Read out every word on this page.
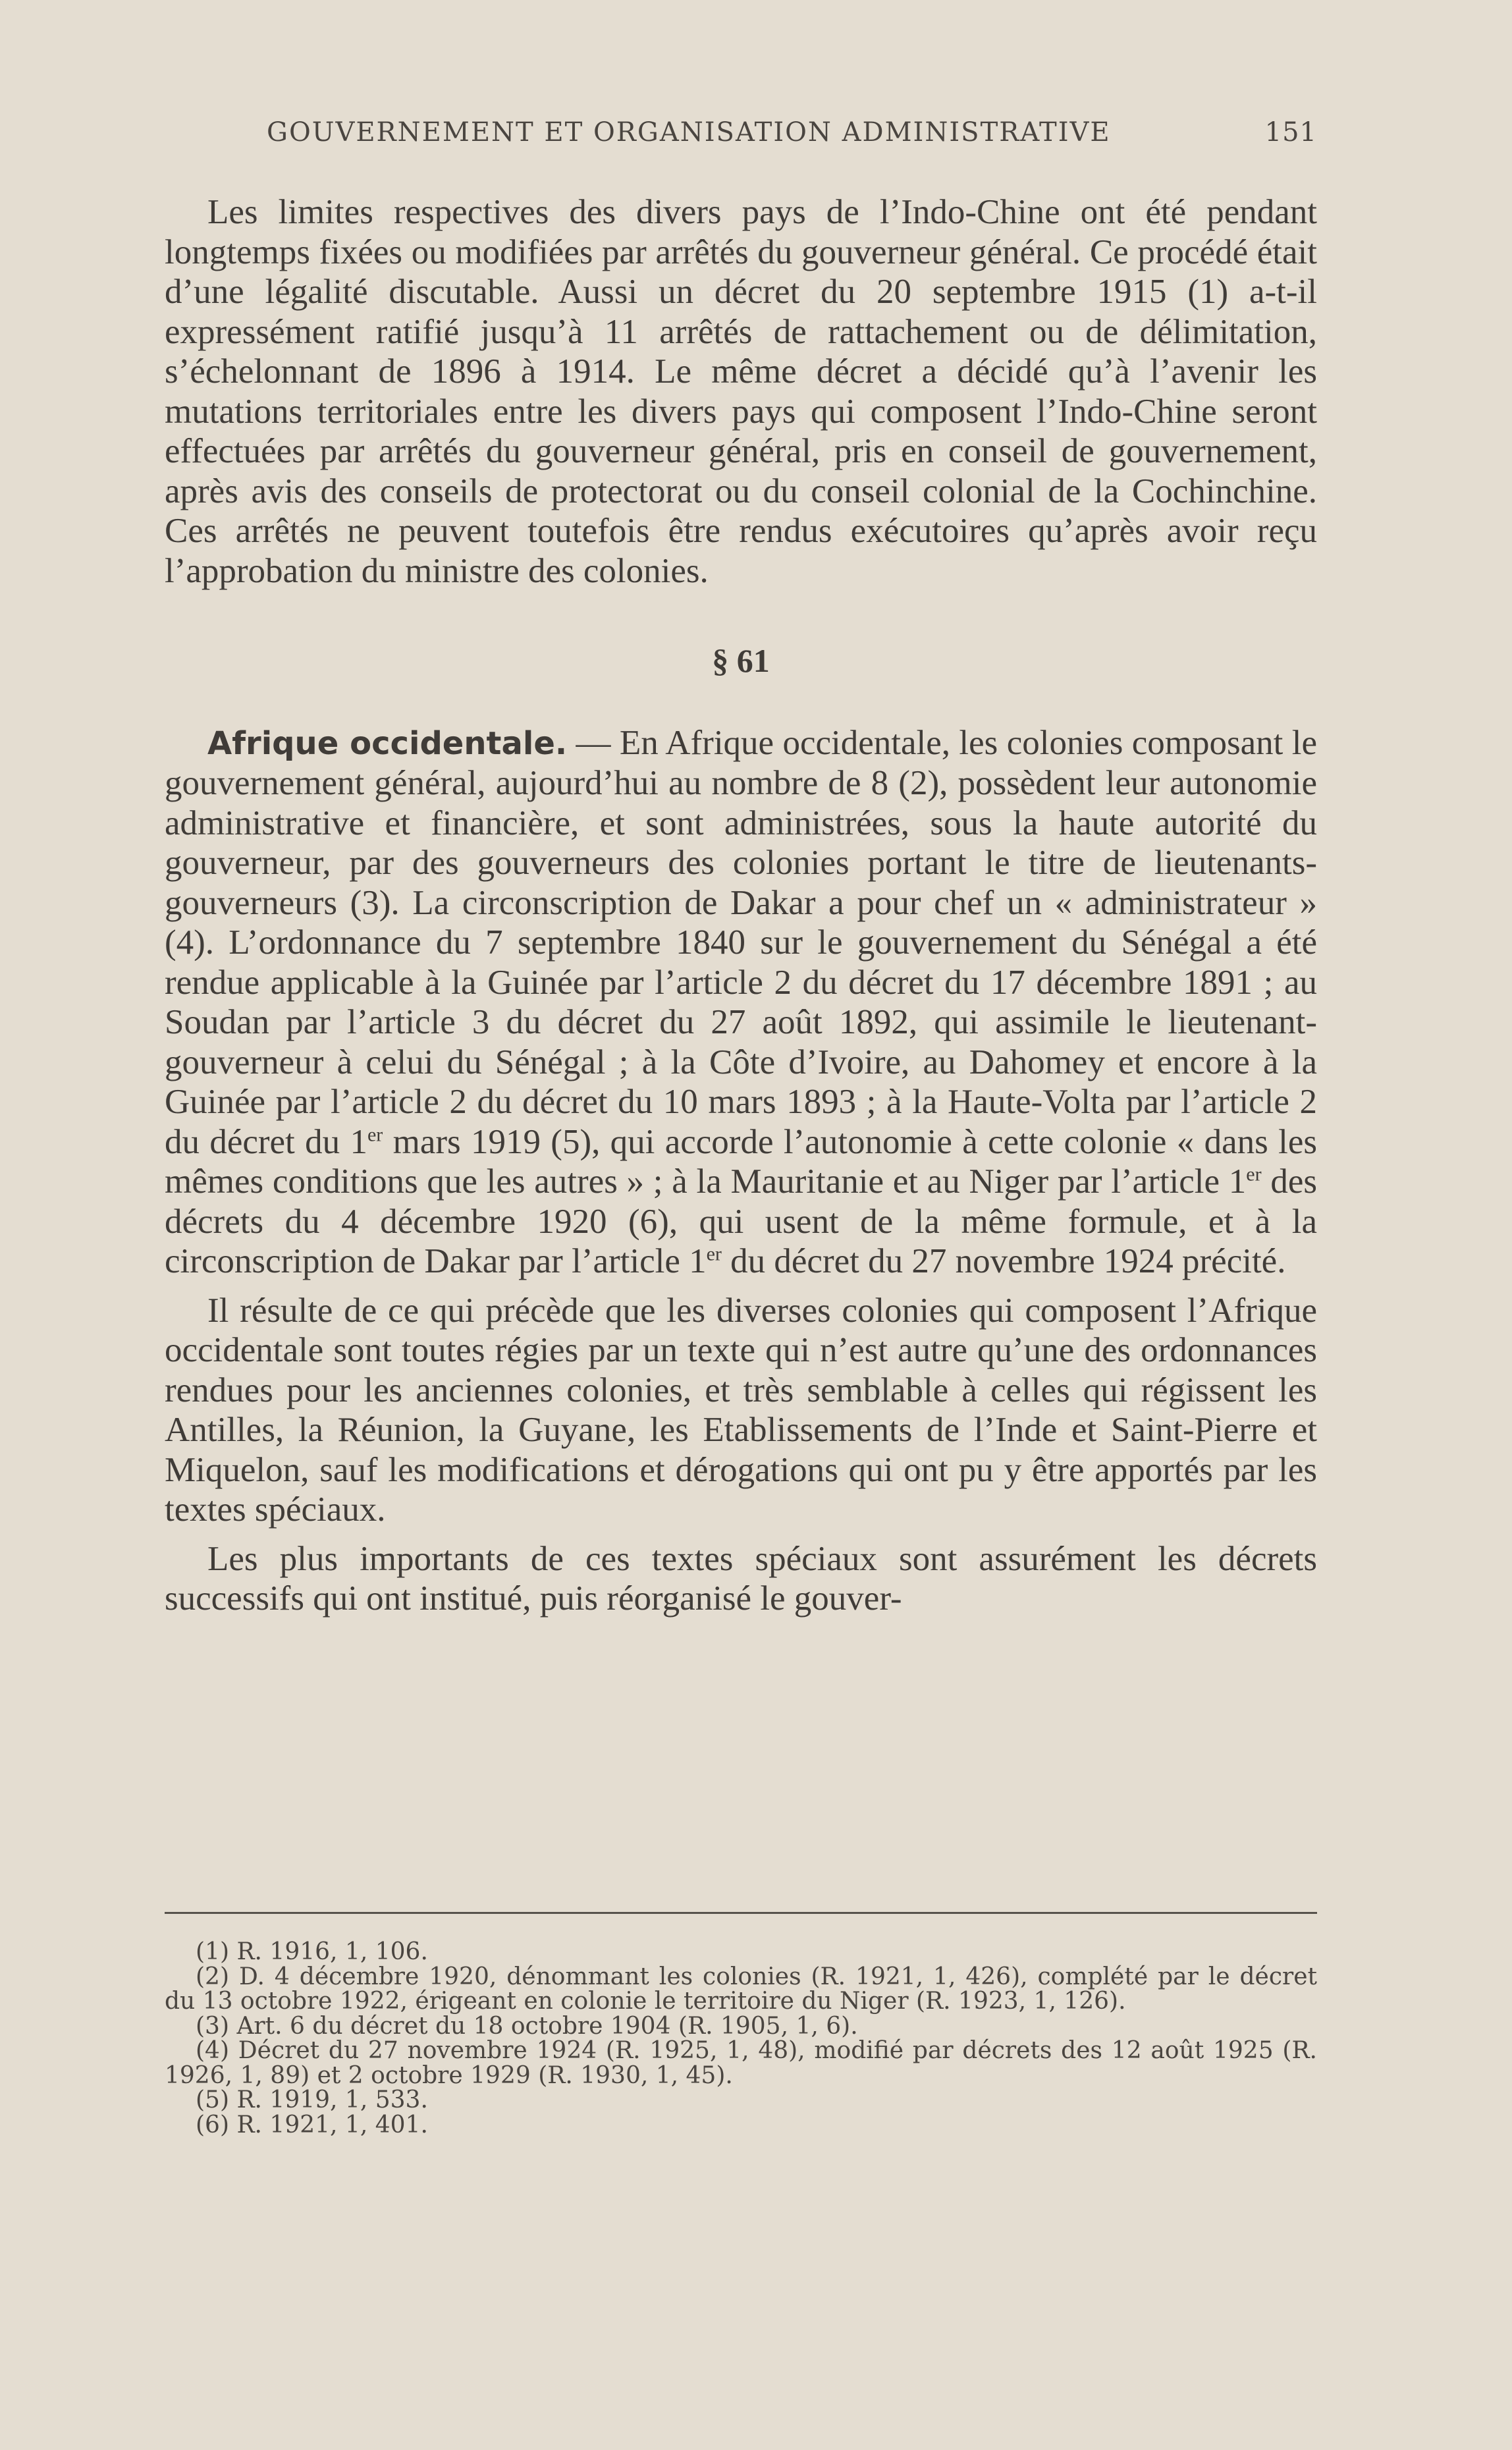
GOUVERNEMENT ET ORGANISATION ADMINISTRATIVE	151

Les limites respectives des divers pays de l’Indo-Chine ont été pendant longtemps fixées ou modifiées par arrêtés du gouverneur général. Ce procédé était d’une légalité discutable. Aussi un décret du 20 septembre 1915 (1) a-t-il expressément ratifié jusqu’à 11 arrêtés de rattachement ou de délimitation, s’échelonnant de 1896 à 1914. Le même décret a décidé qu’à l’avenir les mutations territoriales entre les divers pays qui composent l’Indo-Chine seront effectuées par arrêtés du gouverneur général, pris en conseil de gouvernement, après avis des conseils de protectorat ou du conseil colonial de la Cochinchine. Ces arrêtés ne peuvent toutefois être rendus exécutoires qu’après avoir reçu l’approbation du ministre des colonies.

§ 61

Afrique occidentale. — En Afrique occidentale, les colonies composant le gouvernement général, aujourd’hui au nombre de 8 (2), possèdent leur autonomie administrative et financière, et sont administrées, sous la haute autorité du gouverneur, par des gouverneurs des colonies portant le titre de lieutenants-gouverneurs (3). La circonscription de Dakar a pour chef un « administrateur » (4). L’ordonnance du 7 septembre 1840 sur le gouvernement du Sénégal a été rendue applicable à la Guinée par l’article 2 du décret du 17 décembre 1891 ; au Soudan par l’article 3 du décret du 27 août 1892, qui assimile le lieutenant-gouverneur à celui du Sénégal ; à la Côte d’Ivoire, au Dahomey et encore à la Guinée par l’article 2 du décret du 10 mars 1893 ; à la Haute-Volta par l’article 2 du décret du 1er mars 1919 (5), qui accorde l’autonomie à cette colonie « dans les mêmes conditions que les autres » ; à la Mauritanie et au Niger par l’article 1er des décrets du 4 décembre 1920 (6), qui usent de la même formule, et à la circonscription de Dakar par l’article 1er du décret du 27 novembre 1924 précité.

Il résulte de ce qui précède que les diverses colonies qui composent l’Afrique occidentale sont toutes régies par un texte qui n’est autre qu’une des ordonnances rendues pour les anciennes colonies, et très semblable à celles qui régissent les Antilles, la Réunion, la Guyane, les Etablissements de l’Inde et Saint-Pierre et Miquelon, sauf les modifications et dérogations qui ont pu y être apportés par les textes spéciaux.

Les plus importants de ces textes spéciaux sont assurément les décrets successifs qui ont institué, puis réorganisé le gouver-

(1) R. 1916, 1, 106.

(2) D. 4 décembre 1920, dénommant les colonies (R. 1921, 1, 426), complété par le décret du 13 octobre 1922, érigeant en colonie le territoire du Niger (R. 1923, 1, 126).

(3) Art. 6 du décret du 18 octobre 1904 (R. 1905, 1, 6).

(4) Décret du 27 novembre 1924 (R. 1925, 1, 48), modifié par décrets des 12 août 1925 (R. 1926, 1, 89) et 2 octobre 1929 (R. 1930, 1, 45).

(5) R. 1919, 1, 533.

(6) R. 1921, 1, 401.
